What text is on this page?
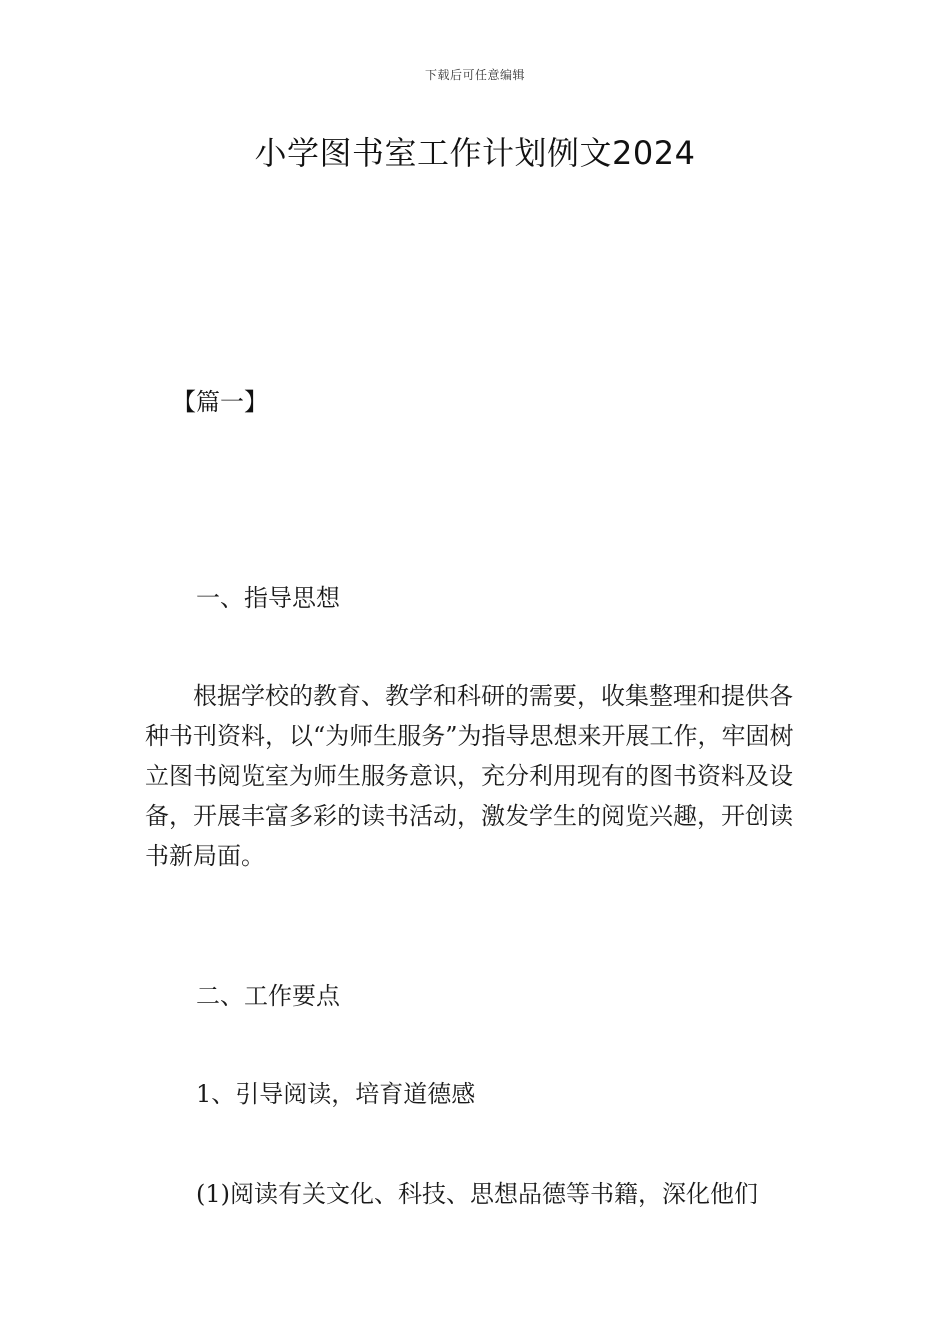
下载后可任意编辑
小学图书室工作计划例文2024
【篇一】
一、指导思想
根据学校的教育、教学和科研的需要，收集整理和提供各种书刊资料，以“为师生服务”为指导思想来开展工作，牢固树立图书阅览室为师生服务意识，充分利用现有的图书资料及设备，开展丰富多彩的读书活动，激发学生的阅览兴趣，开创读书新局面。
二、工作要点
1、引导阅读，培育道德感
(1)阅读有关文化、科技、思想品德等书籍，深化他们
